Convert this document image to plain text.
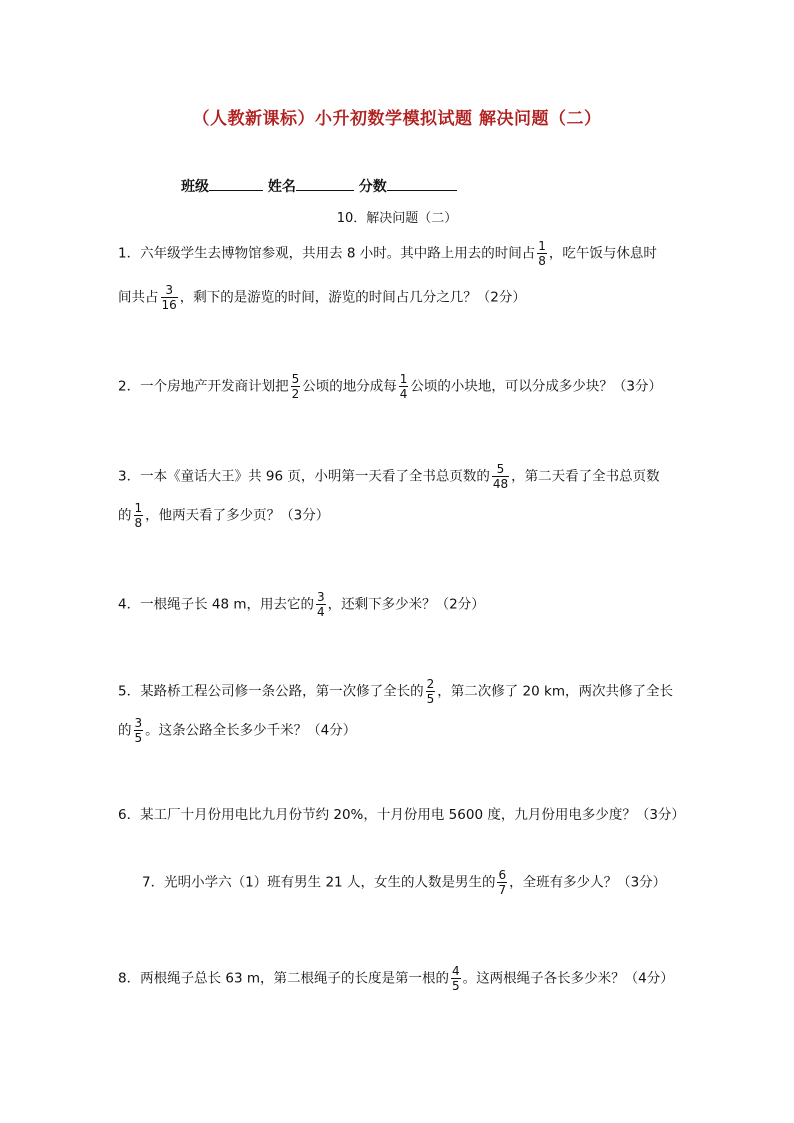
（人教新课标）小升初数学模拟试题 解决问题（二）
班级	姓名	分数
10．解决问题（二）
1．六年级学生去博物馆参观，共用去 8 小时。其中路上用去的时间占 $\frac{1}{8}$ ，吃午饭与休息时
间共占 $\frac{3}{16}$ ，剩下的是游览的时间，游览的时间占几分之几？（2分）
2．一个房地产开发商计划把 $\frac{5}{2}$ 公顷的地分成每 $\frac{1}{4}$ 公顷的小块地，可以分成多少块？（3分）
3．一本《童话大王》共 96 页，小明第一天看了全书总页数的 $\frac{5}{48}$ ，第二天看了全书总页数
的 $\frac{1}{8}$ ，他两天看了多少页？（3分）
4．一根绳子长 48 m，用去它的 $\frac{3}{4}$ ，还剩下多少米？（2分）
5．某路桥工程公司修一条公路，第一次修了全长的 $\frac{2}{5}$ ，第二次修了 20 km，两次共修了全长
的 $\frac{3}{5}$ 。这条公路全长多少千米？（4分）
6．某工厂十月份用电比九月份节约 20%，十月份用电 5600 度，九月份用电多少度？（3分）
7．光明小学六（1）班有男生 21 人，女生的人数是男生的 $\frac{6}{7}$ ，全班有多少人？（3分）
8．两根绳子总长 63 m，第二根绳子的长度是第一根的 $\frac{4}{5}$ 。这两根绳子各长多少米？（4分）
